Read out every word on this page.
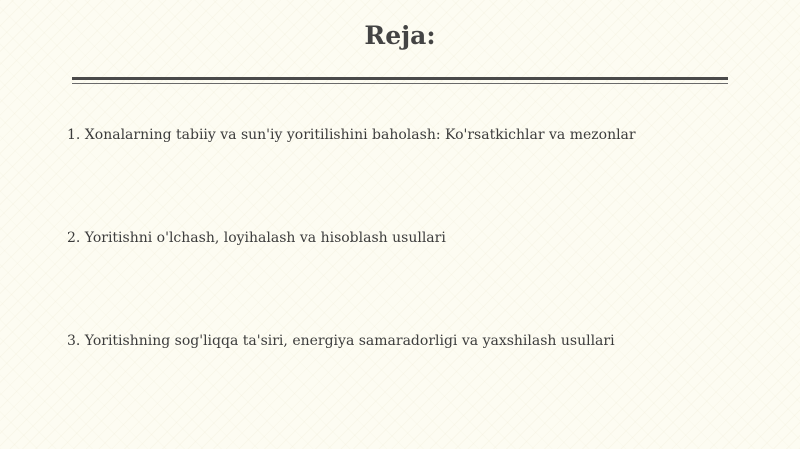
Reja:
1. Xonalarning tabiiy va sun'iy yoritilishini baholash: Ko'rsatkichlar va mezonlar
2. Yoritishni o'lchash, loyihalash va hisoblash usullari
3. Yoritishning sog'liqqa ta'siri, energiya samaradorligi va yaxshilash usullari
